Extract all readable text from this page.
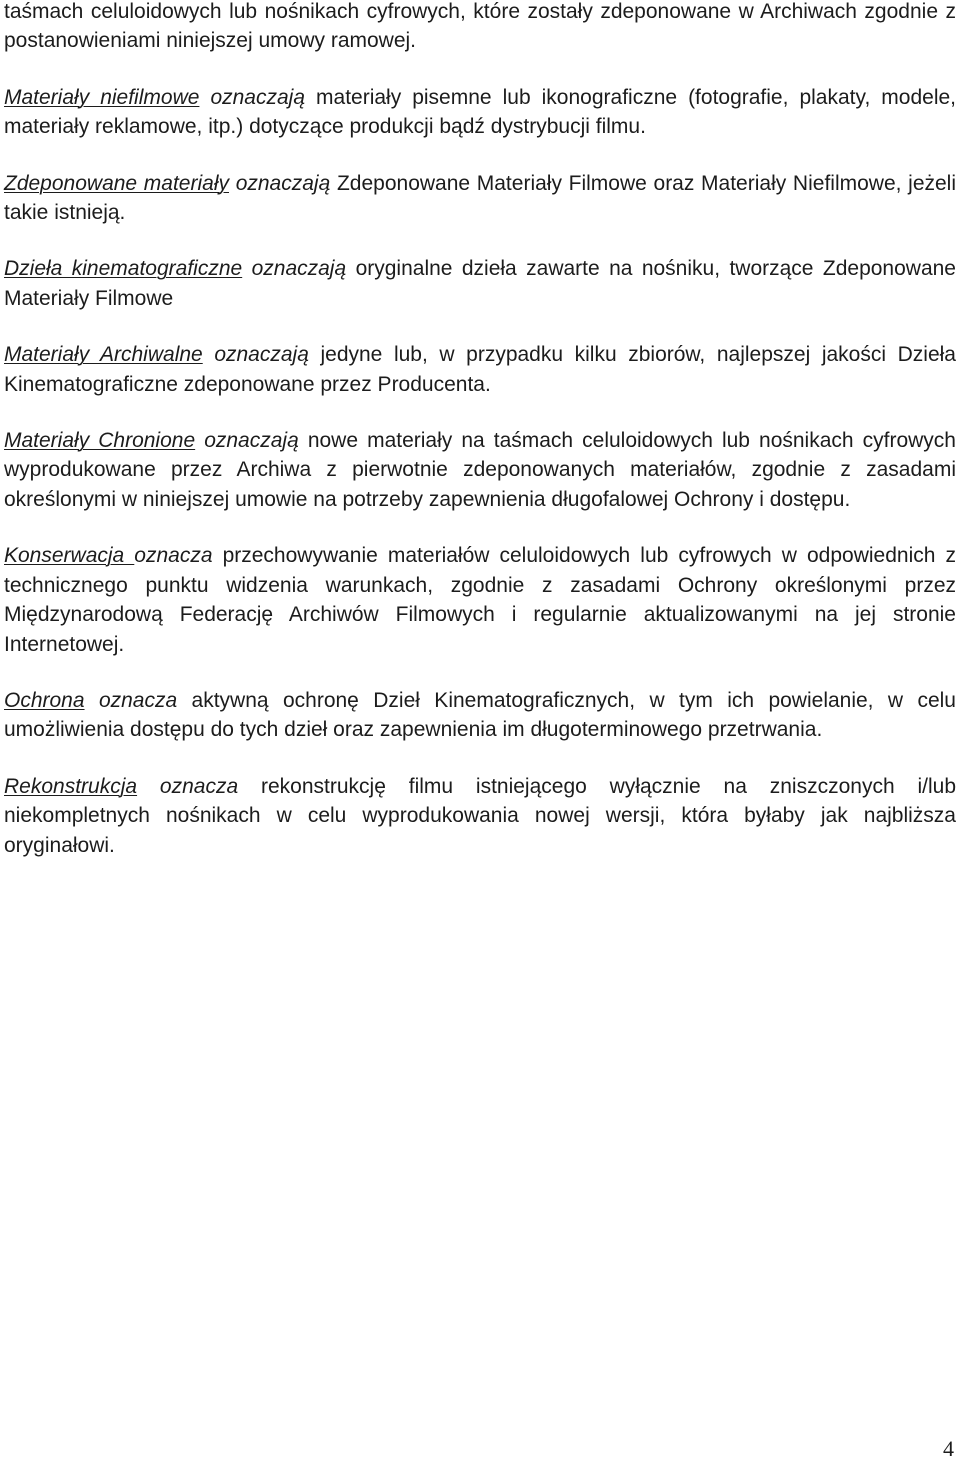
taśmach celuloidowych lub nośnikach cyfrowych, które zostały zdeponowane w Archiwach zgodnie z postanowieniami niniejszej umowy ramowej.

Materiały niefilmowe oznaczają materiały pisemne lub ikonograficzne (fotografie, plakaty, modele, materiały reklamowe, itp.) dotyczące produkcji bądź dystrybucji filmu.

Zdeponowane materiały oznaczają Zdeponowane Materiały Filmowe oraz Materiały Niefilmowe, jeżeli takie istnieją.

Dzieła kinematograficzne oznaczają oryginalne dzieła zawarte na nośniku, tworzące Zdeponowane Materiały Filmowe

Materiały Archiwalne oznaczają jedyne lub, w przypadku kilku zbiorów, najlepszej jakości Dzieła Kinematograficzne zdeponowane przez Producenta.

Materiały Chronione oznaczają nowe materiały na taśmach celuloidowych lub nośnikach cyfrowych wyprodukowane przez Archiwa z pierwotnie zdeponowanych materiałów, zgodnie z zasadami określonymi w niniejszej umowie na potrzeby zapewnienia długofalowej Ochrony i dostępu.

Konserwacja oznacza przechowywanie materiałów celuloidowych lub cyfrowych w odpowiednich z technicznego punktu widzenia warunkach, zgodnie z zasadami Ochrony określonymi przez Międzynarodową Federację Archiwów Filmowych i regularnie aktualizowanymi na jej stronie Internetowej.

Ochrona oznacza aktywną ochronę Dzieł Kinematograficznych, w tym ich powielanie, w celu umożliwienia dostępu do tych dzieł oraz zapewnienia im długoterminowego przetrwania.

Rekonstrukcja oznacza rekonstrukcję filmu istniejącego wyłącznie na zniszczonych i/lub niekompletnych nośnikach w celu wyprodukowania nowej wersji, która byłaby jak najbliższa oryginałowi.

4
